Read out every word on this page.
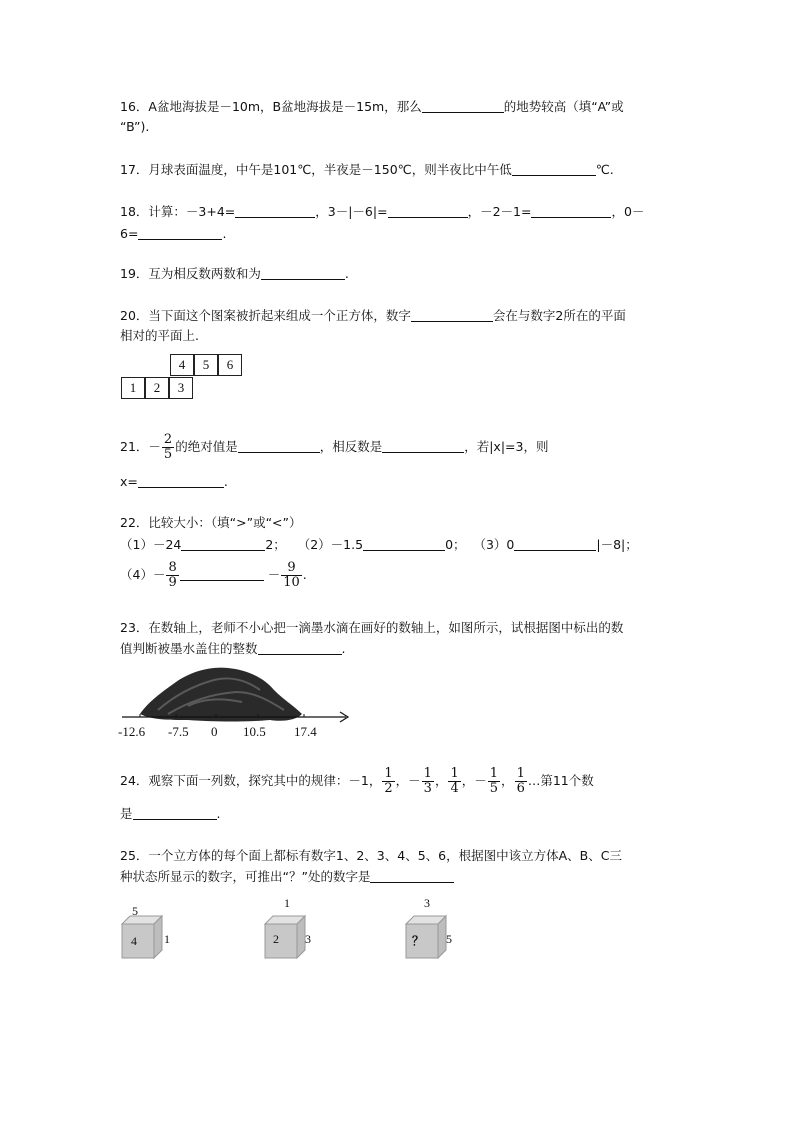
16．A盆地海拔是－10m，B盆地海拔是－15m，那么	的地势较高（填“A”或
“B”).
17．月球表面温度，中午是101℃，半夜是－150℃，则半夜比中午低	℃.
18．计算：－3+4=	，3－|－6|=	，－2－1=	，0－
6=	.
19．互为相反数两数和为	.
20．当下面这个图案被折起来组成一个正方体，数字	会在与数字2所在的平面
相对的平面上.
4	5	6
1	2	3
21．－ $\frac{2}{5}$ 的绝对值是	，相反数是	，若|x|=3，则
x=	.
22．比较大小：（填“>”或“<”）
（1）－24	2； （2）－1.5	0； （3）0	|－8|；
$(4)- \frac{8}{9}$	－ $\frac{9}{10}$ .
23．在数轴上，老师不小心把一滴墨水滴在画好的数轴上，如图所示，试根据图中标出的数
值判断被墨水盖住的整数	.
-12.6 -7.5 0 10.5 17.4
24．观察下面一列数，探究其中的规律：－1， $\frac{1}{2}$ ，－ $\frac{1}{3}$ ， $\frac{1}{4}$ ，－ $\frac{1}{5}$ ， $\frac{1}{6}$ …第11个数
是	.
25．一个立方体的每个面上都标有数字1、2、3、4、5、6，根据图中该立方体A、B、C三
种状态所显示的数字，可推出“？”处的数字是
5
4 1
1
2 3
3
？ 5
